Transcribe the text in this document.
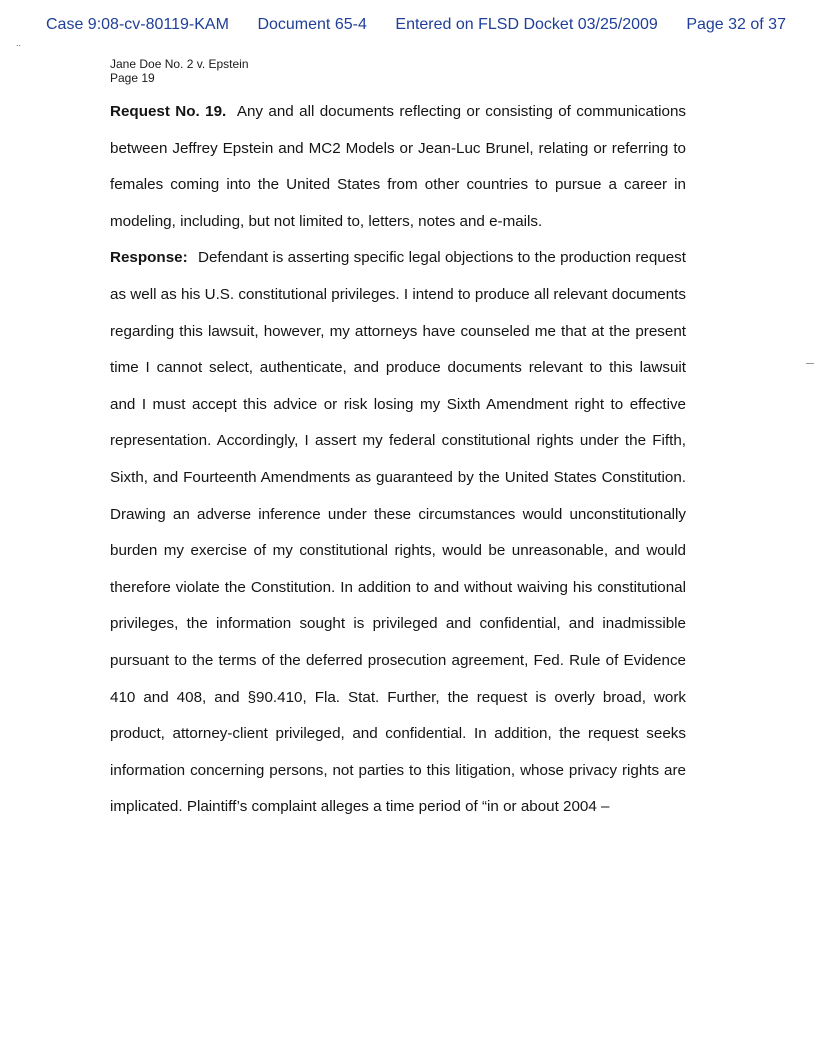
Case 9:08-cv-80119-KAM Document 65-4 Entered on FLSD Docket 03/25/2009 Page 32 of 37
..
Jane Doe No. 2 v. Epstein
Page 19

Request No. 19. Any and all documents reflecting or consisting of communications between Jeffrey Epstein and MC2 Models or Jean-Luc Brunel, relating or referring to females coming into the United States from other countries to pursue a career in modeling, including, but not limited to, letters, notes and e-mails.

Response: Defendant is asserting specific legal objections to the production request as well as his U.S. constitutional privileges. I intend to produce all relevant documents regarding this lawsuit, however, my attorneys have counseled me that at the present time I cannot select, authenticate, and produce documents relevant to this lawsuit and I must accept this advice or risk losing my Sixth Amendment right to effective representation. Accordingly, I assert my federal constitutional rights under the Fifth, Sixth, and Fourteenth Amendments as guaranteed by the United States Constitution. Drawing an adverse inference under these circumstances would unconstitutionally burden my exercise of my constitutional rights, would be unreasonable, and would therefore violate the Constitution. In addition to and without waiving his constitutional privileges, the information sought is privileged and confidential, and inadmissible pursuant to the terms of the deferred prosecution agreement, Fed. Rule of Evidence 410 and 408, and §90.410, Fla. Stat. Further, the request is overly broad, work product, attorney-client privileged, and confidential. In addition, the request seeks information concerning persons, not parties to this litigation, whose privacy rights are implicated. Plaintiff’s complaint alleges a time period of “in or about 2004 –
